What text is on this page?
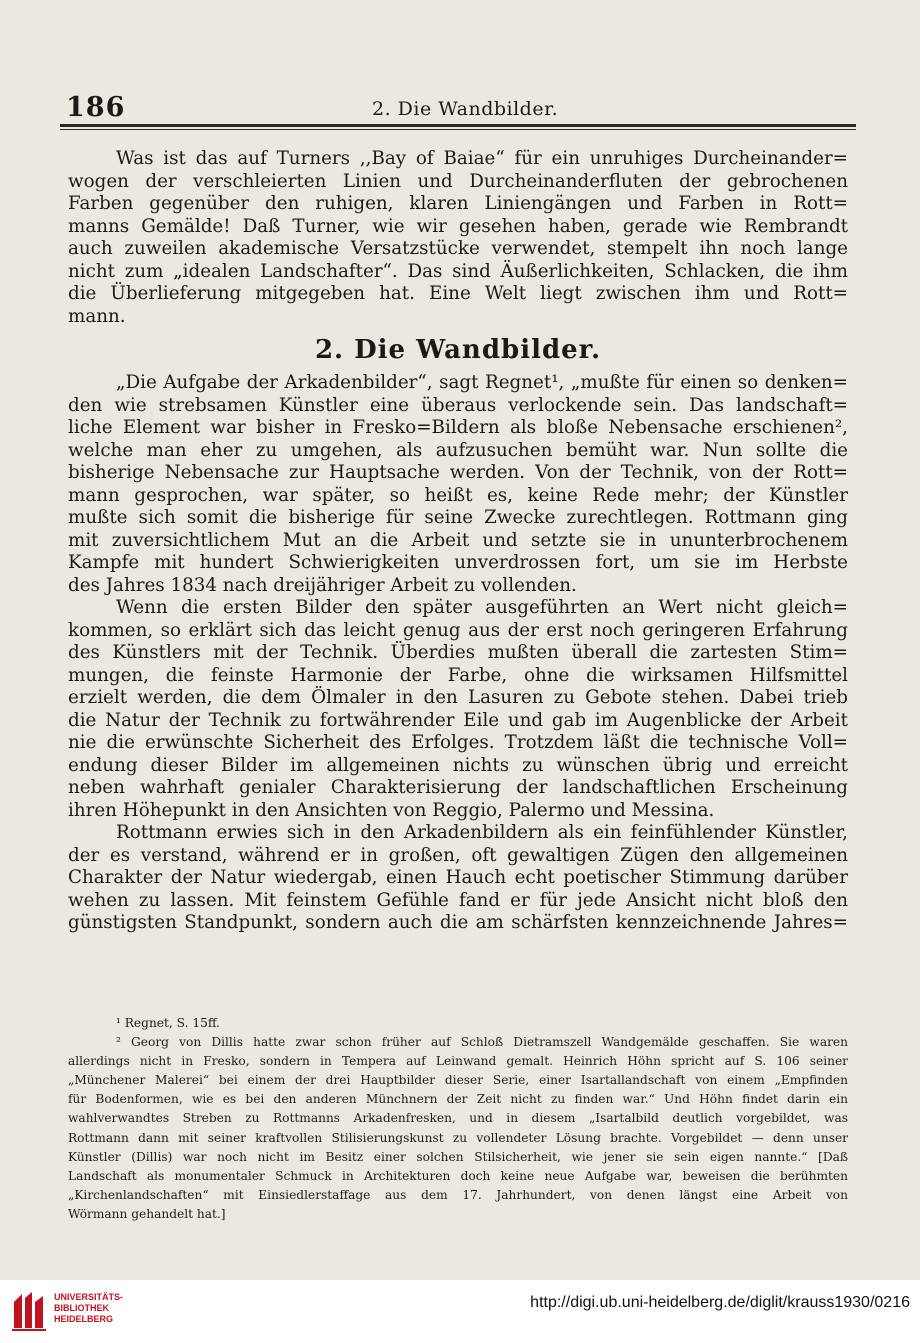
186	2. Die Wandbilder.
Was ist das auf Turners ,,Bay of Baiae“ für ein unruhiges Durcheinander=
wogen der verschleierten Linien und Durcheinanderfluten der gebrochenen
Farben gegenüber den ruhigen, klaren Liniengängen und Farben in Rott=
manns Gemälde! Daß Turner, wie wir gesehen haben, gerade wie Rembrandt
auch zuweilen akademische Versatzstücke verwendet, stempelt ihn noch lange
nicht zum „idealen Landschafter“. Das sind Äußerlichkeiten, Schlacken, die ihm
die Überlieferung mitgegeben hat. Eine Welt liegt zwischen ihm und Rott=
mann.
2. Die Wandbilder.
„Die Aufgabe der Arkadenbilder“, sagt Regnet¹, „mußte für einen so denken=
den wie strebsamen Künstler eine überaus verlockende sein. Das landschaft=
liche Element war bisher in Fresko=Bildern als bloße Nebensache erschienen²,
welche man eher zu umgehen, als aufzusuchen bemüht war. Nun sollte die
bisherige Nebensache zur Hauptsache werden. Von der Technik, von der Rott=
mann gesprochen, war später, so heißt es, keine Rede mehr; der Künstler
mußte sich somit die bisherige für seine Zwecke zurechtlegen. Rottmann ging
mit zuversichtlichem Mut an die Arbeit und setzte sie in ununterbrochenem
Kampfe mit hundert Schwierigkeiten unverdrossen fort, um sie im Herbste
des Jahres 1834 nach dreijähriger Arbeit zu vollenden.
Wenn die ersten Bilder den später ausgeführten an Wert nicht gleich=
kommen, so erklärt sich das leicht genug aus der erst noch geringeren Erfahrung
des Künstlers mit der Technik. Überdies mußten überall die zartesten Stim=
mungen, die feinste Harmonie der Farbe, ohne die wirksamen Hilfsmittel
erzielt werden, die dem Ölmaler in den Lasuren zu Gebote stehen. Dabei trieb
die Natur der Technik zu fortwährender Eile und gab im Augenblicke der Arbeit
nie die erwünschte Sicherheit des Erfolges. Trotzdem läßt die technische Voll=
endung dieser Bilder im allgemeinen nichts zu wünschen übrig und erreicht
neben wahrhaft genialer Charakterisierung der landschaftlichen Erscheinung
ihren Höhepunkt in den Ansichten von Reggio, Palermo und Messina.
Rottmann erwies sich in den Arkadenbildern als ein feinfühlender Künstler,
der es verstand, während er in großen, oft gewaltigen Zügen den allgemeinen
Charakter der Natur wiedergab, einen Hauch echt poetischer Stimmung darüber
wehen zu lassen. Mit feinstem Gefühle fand er für jede Ansicht nicht bloß den
günstigsten Standpunkt, sondern auch die am schärfsten kennzeichnende Jahres=
¹ Regnet, S. 15ff.
² Georg von Dillis hatte zwar schon früher auf Schloß Dietramszell Wandgemälde geschaffen. Sie waren
allerdings nicht in Fresko, sondern in Tempera auf Leinwand gemalt. Heinrich Höhn spricht auf S. 106 seiner
„Münchener Malerei“ bei einem der drei Hauptbilder dieser Serie, einer Isartallandschaft von einem „Empfinden
für Bodenformen, wie es bei den anderen Münchnern der Zeit nicht zu finden war.“ Und Höhn findet darin ein
wahlverwandtes Streben zu Rottmanns Arkadenfresken, und in diesem „Isartalbild deutlich vorgebildet, was
Rottmann dann mit seiner kraftvollen Stilisierungskunst zu vollendeter Lösung brachte. Vorgebildet — denn unser
Künstler (Dillis) war noch nicht im Besitz einer solchen Stilsicherheit, wie jener sie sein eigen nannte.“ [Daß
Landschaft als monumentaler Schmuck in Architekturen doch keine neue Aufgabe war, beweisen die berühmten
„Kirchenlandschaften“ mit Einsiedlerstaffage aus dem 17. Jahrhundert, von denen längst eine Arbeit von
Wörmann gehandelt hat.]
UNIVERSITÄTS-
BIBLIOTHEK
HEIDELBERG
http://digi.ub.uni-heidelberg.de/diglit/krauss1930/0216
